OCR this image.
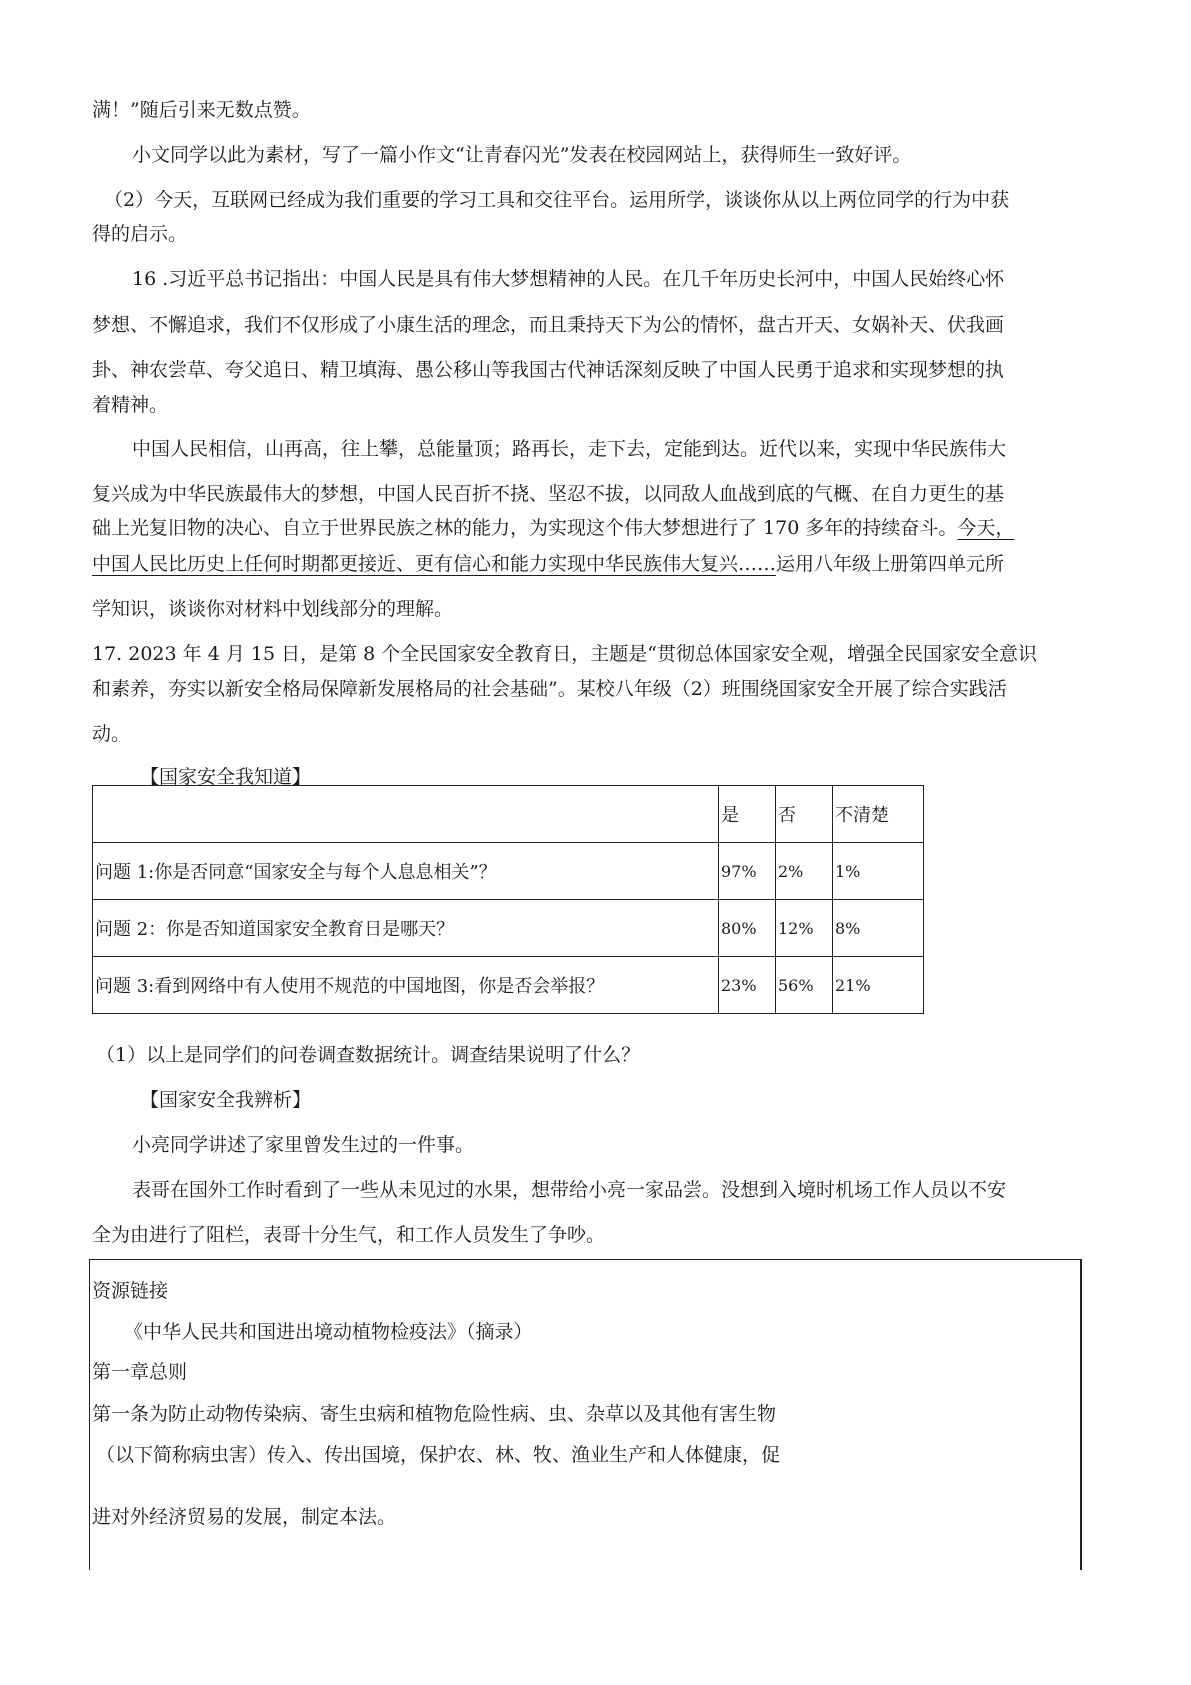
满！”随后引来无数点赞。
小文同学以此为素材，写了一篇小作文“让青春闪光”发表在校园网站上，获得师生一致好评。
（2）今天，互联网已经成为我们重要的学习工具和交往平台。运用所学，谈谈你从以上两位同学的行为中获
得的启示。
16 .习近平总书记指出：中国人民是具有伟大梦想精神的人民。在几千年历史长河中，中国人民始终心怀
梦想、不懈追求，我们不仅形成了小康生活的理念，而且秉持天下为公的情怀，盘古开天、女娲补天、伏我画
卦、神农尝草、夸父追日、精卫填海、愚公移山等我国古代神话深刻反映了中国人民勇于追求和实现梦想的执
着精神。
中国人民相信，山再高，往上攀，总能量顶；路再长，走下去，定能到达。近代以来，实现中华民族伟大
复兴成为中华民族最伟大的梦想，中国人民百折不挠、坚忍不拔，以同敌人血战到底的气概、在自力更生的基
础上光复旧物的决心、自立于世界民族之林的能力，为实现这个伟大梦想进行了 170 多年的持续奋斗。今天，
中国人民比历史上任何时期都更接近、更有信心和能力实现中华民族伟大复兴……运用八年级上册第四单元所
学知识，谈谈你对材料中划线部分的理解。
17. 2023 年 4 月 15 日，是第 8 个全民国家安全教育日，主题是“贯彻总体国家安全观，增强全民国家安全意识
和素养，夯实以新安全格局保障新发展格局的社会基础”。某校八年级（2）班围绕国家安全开展了综合实践活
动。
【国家安全我知道】
	是	否	不清楚
问题 1:你是否同意“国家安全与每个人息息相关”？	97%	2%	1%
问题 2：你是否知道国家安全教育日是哪天？	80%	12%	8%
问题 3:看到网络中有人使用不规范的中国地图，你是否会举报？	23%	56%	21%
（1）以上是同学们的问卷调查数据统计。调查结果说明了什么？
【国家安全我辨析】
小亮同学讲述了家里曾发生过的一件事。
表哥在国外工作时看到了一些从未见过的水果，想带给小亮一家品尝。没想到入境时机场工作人员以不安
全为由进行了阻栏，表哥十分生气，和工作人员发生了争吵。
资源链接
《中华人民共和国进出境动植物检疫法》（摘录）
第一章总则
第一条为防止动物传染病、寄生虫病和植物危险性病、虫、杂草以及其他有害生物
（以下简称病虫害）传入、传出国境，保护农、林、牧、渔业生产和人体健康，促
进对外经济贸易的发展，制定本法。
